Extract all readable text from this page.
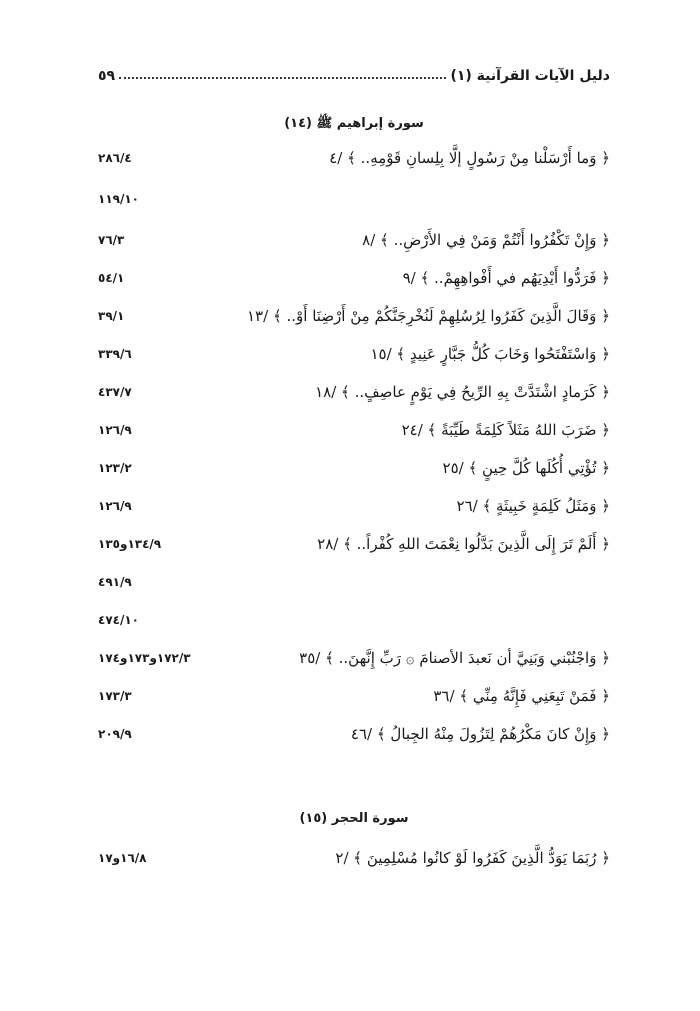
دليل الآيات القرآنية (١)
٥٩
سورة إبراهيم ﷺ (١٤)
﴿ وَما أَرْسَلْنا مِنْ رَسُولٍ إلَّا بِلِسانِ قَوْمِهِ.. ﴾ /٤
٢٨٦/٤
١١٩/١٠
﴿ وَإِنْ تَكْفُرُوا أَنْتُمْ وَمَنْ فِي الأَرْضِ.. ﴾ /٨
٧٦/٣
﴿ فَرَدُّوا أَيْدِيَهُم في أَفْواهِهِمْ.. ﴾ /٩
٥٤/١
﴿ وَقَالَ الَّذِينَ كَفَرُوا لِرُسُلِهِمْ لَنُخْرِجَنَّكُمْ مِنْ أَرْضِنَا أَوْ.. ﴾ /١٣
٣٩/١
﴿ وَاسْتَفْتَحُوا وَخَابَ كُلُّ جَبَّارٍ عَنِيدٍ ﴾ /١٥
٣٣٩/٦
﴿ كَرَمادٍ اشْتَدَّتْ بِهِ الرِّيحُ فِي يَوْمٍ عاصِفٍ.. ﴾ /١٨
٤٣٧/٧
﴿ ضَرَبَ اللهُ مَثَلاً كَلِمَةً طَيِّبَةً ﴾ /٢٤
١٢٦/٩
﴿ تُؤْتِي أُكُلَها كُلَّ حِينٍ ﴾ /٢٥
١٢٣/٢
﴿ وَمَثَلُ كَلِمَةٍ خَبِيثَةٍ ﴾ /٢٦
١٢٦/٩
﴿ أَلَمْ تَرَ إِلَى الَّذِينَ بَدَّلُوا نِعْمَتَ اللهِ كُفْراً.. ﴾ /٢٨
١٣٤/٩و١٣٥
٤٩١/٩
٤٧٤/١٠
﴿ وَاجْنُبْني وَبَنِيَّ أن نَعبدَ الأصنامَ ۞ رَبِّ إِنَّهنَ.. ﴾ /٣٥
١٧٢/٣و١٧٣و١٧٤
﴿ فَمَنْ تَبِعَنِي فَإِنَّهُ مِنِّي ﴾ /٣٦
١٧٣/٣
﴿ وَإِنْ كانَ مَكْرُهُمْ لِتَزُولَ مِنْهُ الجِبالُ ﴾ /٤٦
٢٠٩/٩
سورة الحجر (١٥)
﴿ رُبَمَا يَوَدُّ الَّذِينَ كَفَرُوا لَوْ كانُوا مُسْلِمِينَ ﴾ /٢
١٦/٨و١٧
